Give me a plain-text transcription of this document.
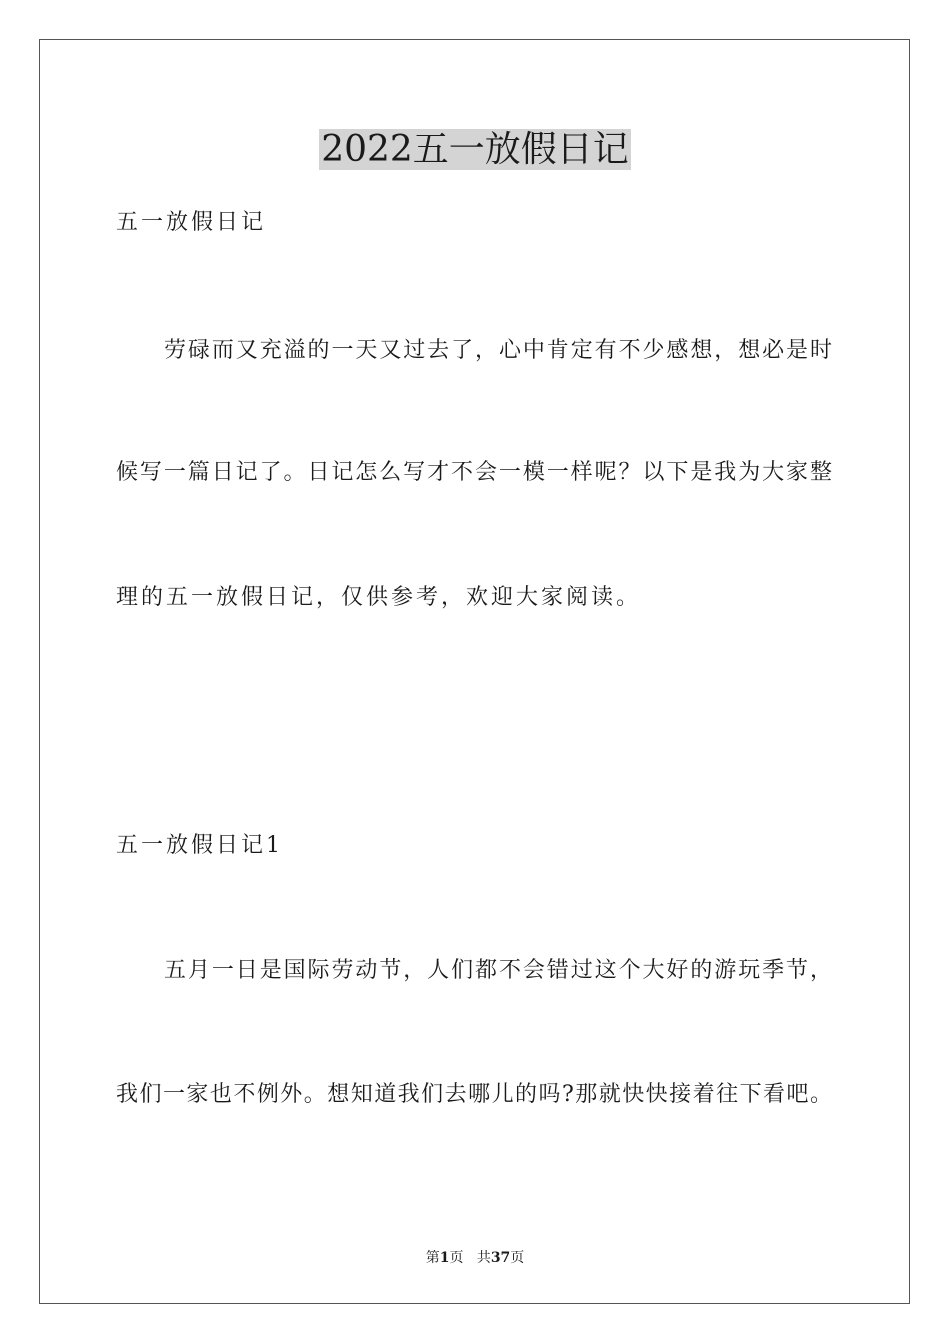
2022五一放假日记

五一放假日记

劳碌而又充溢的一天又过去了，心中肯定有不少感想，想必是时

候写一篇日记了。日记怎么写才不会一模一样呢？以下是我为大家整

理的五一放假日记，仅供参考，欢迎大家阅读。

五一放假日记1

五月一日是国际劳动节，人们都不会错过这个大好的游玩季节，

我们一家也不例外。想知道我们去哪儿的吗?那就快快接着往下看吧。

第1页 共37页
